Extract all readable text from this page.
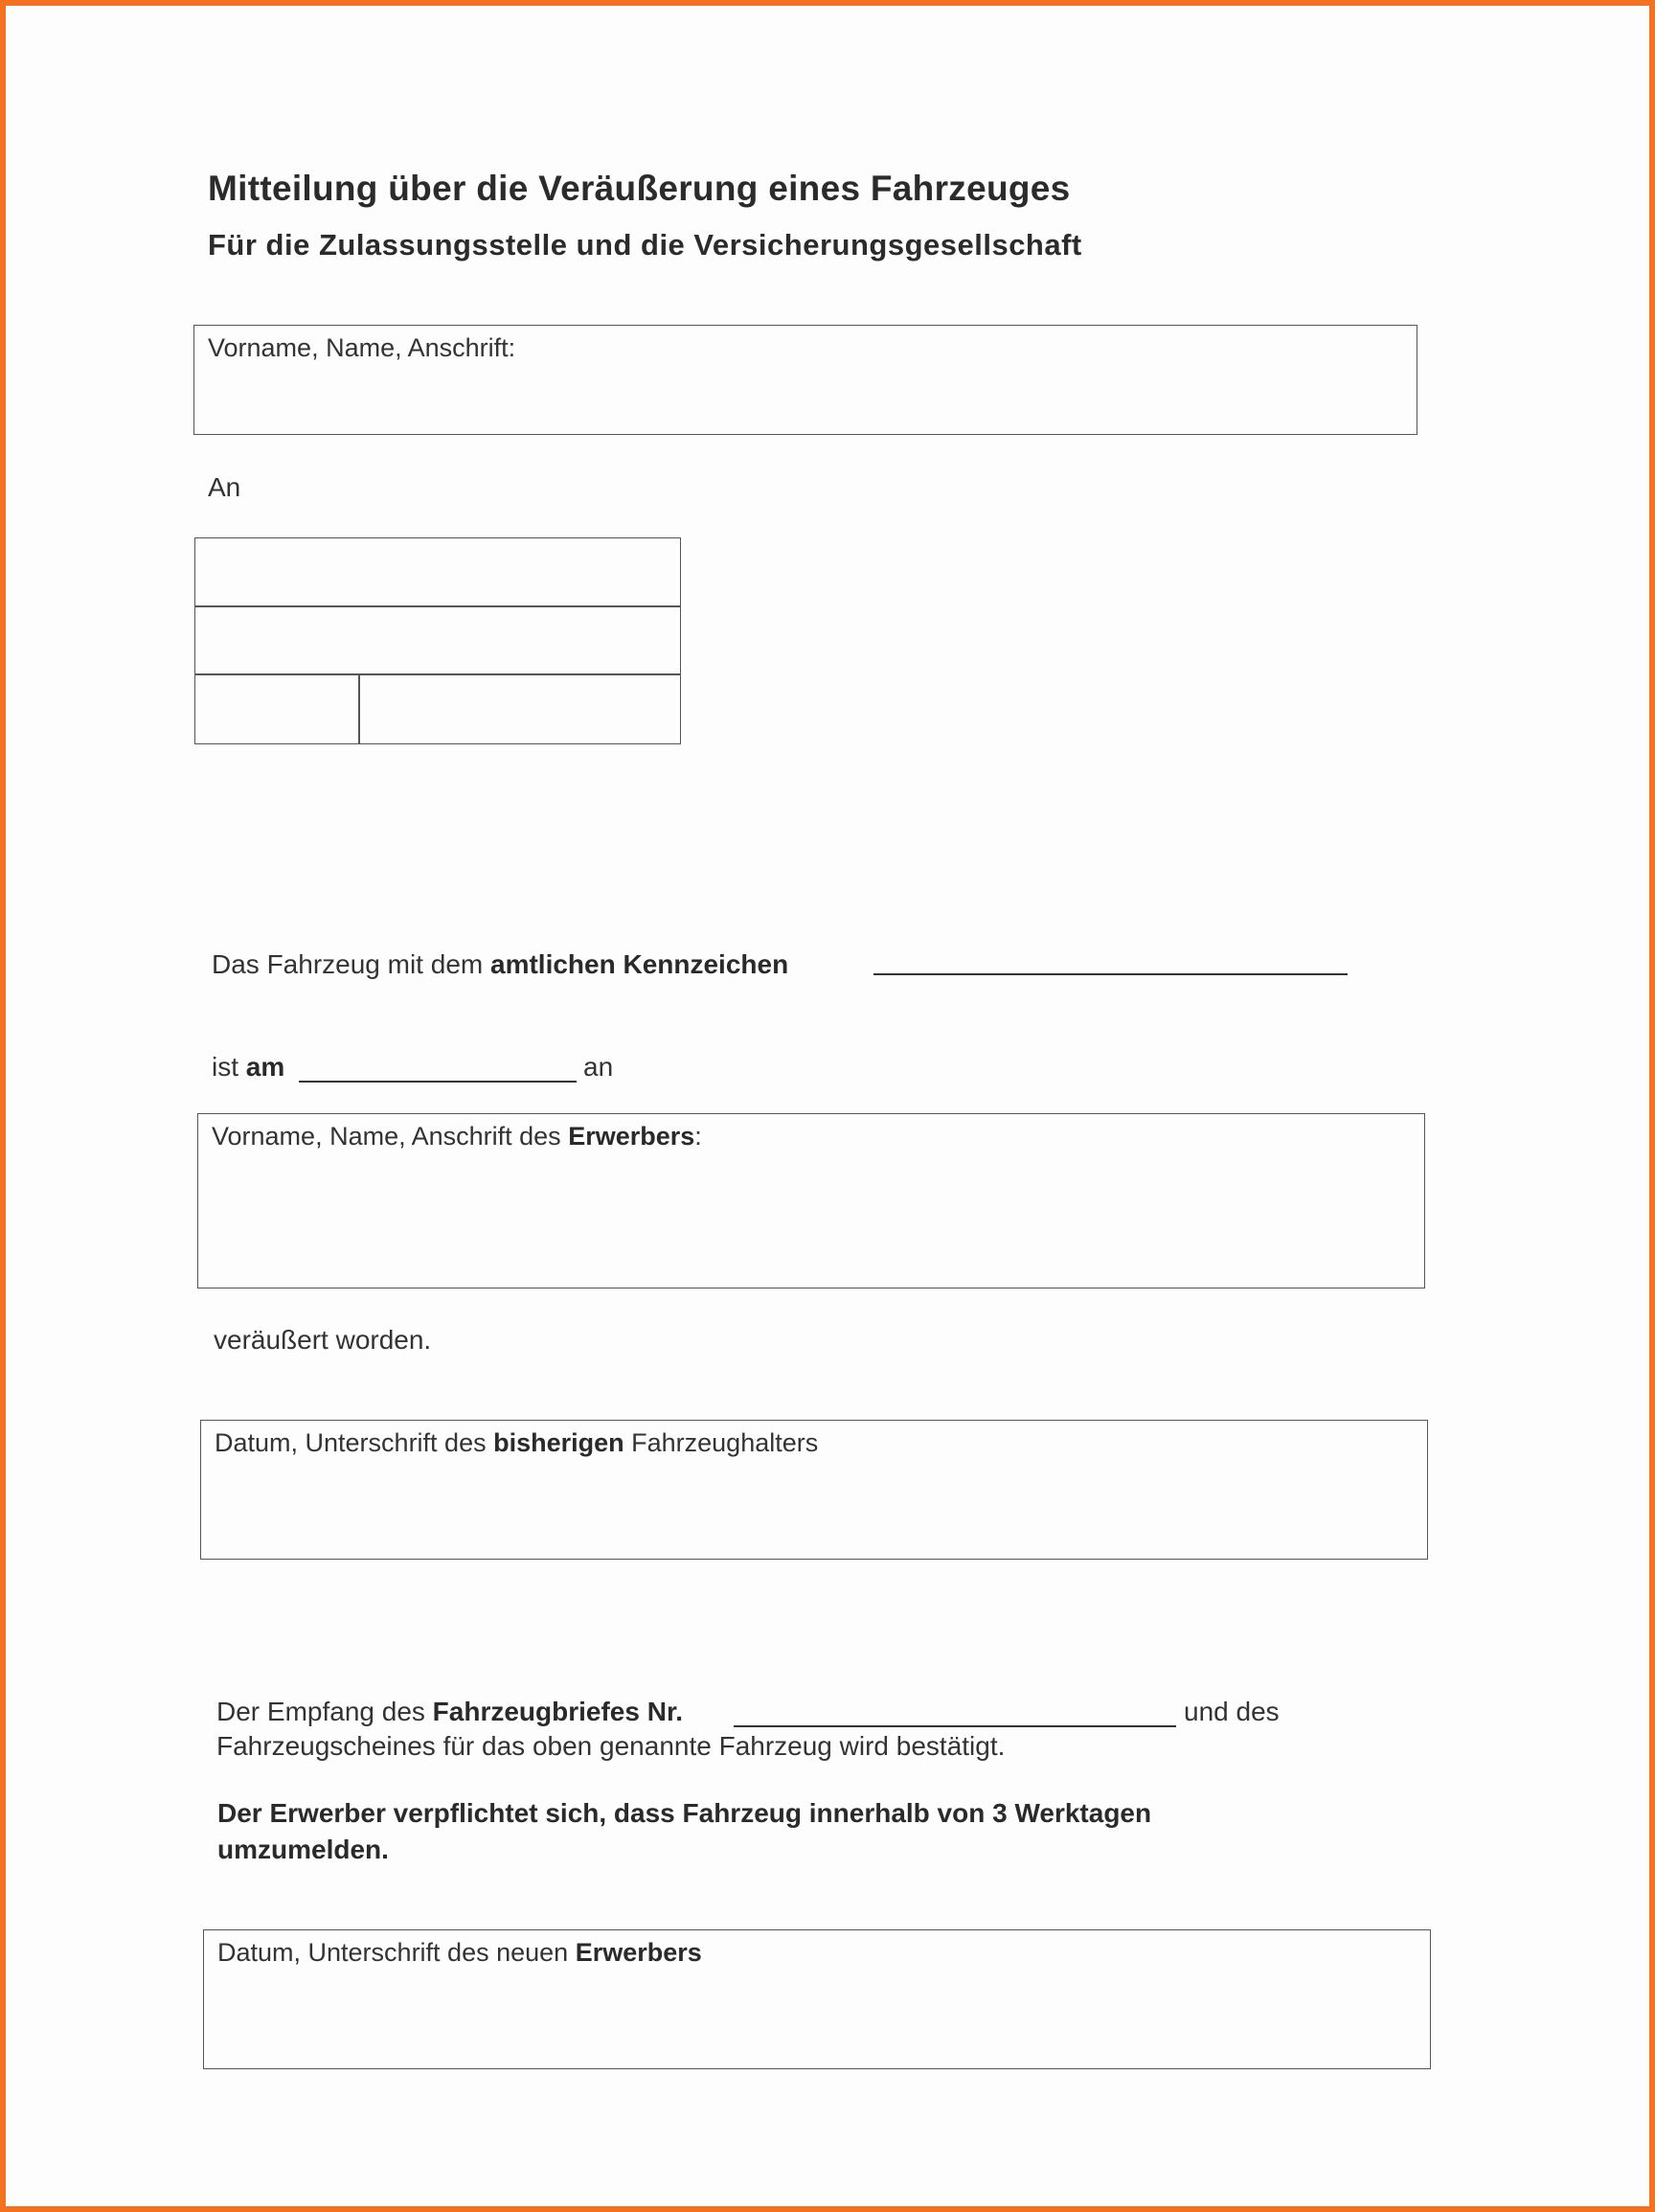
Mitteilung über die Veräußerung eines Fahrzeuges
Für die Zulassungsstelle und die Versicherungsgesellschaft
Vorname, Name, Anschrift:
An
Das Fahrzeug mit dem amtlichen Kennzeichen
ist am	an
Vorname, Name, Anschrift des Erwerbers:
veräußert worden.
Datum, Unterschrift des bisherigen Fahrzeughalters
Der Empfang des Fahrzeugbriefes Nr.	und des
Fahrzeugscheines für das oben genannte Fahrzeug wird bestätigt.
Der Erwerber verpflichtet sich, dass Fahrzeug innerhalb von 3 Werktagen
umzumelden.
Datum, Unterschrift des neuen Erwerbers
